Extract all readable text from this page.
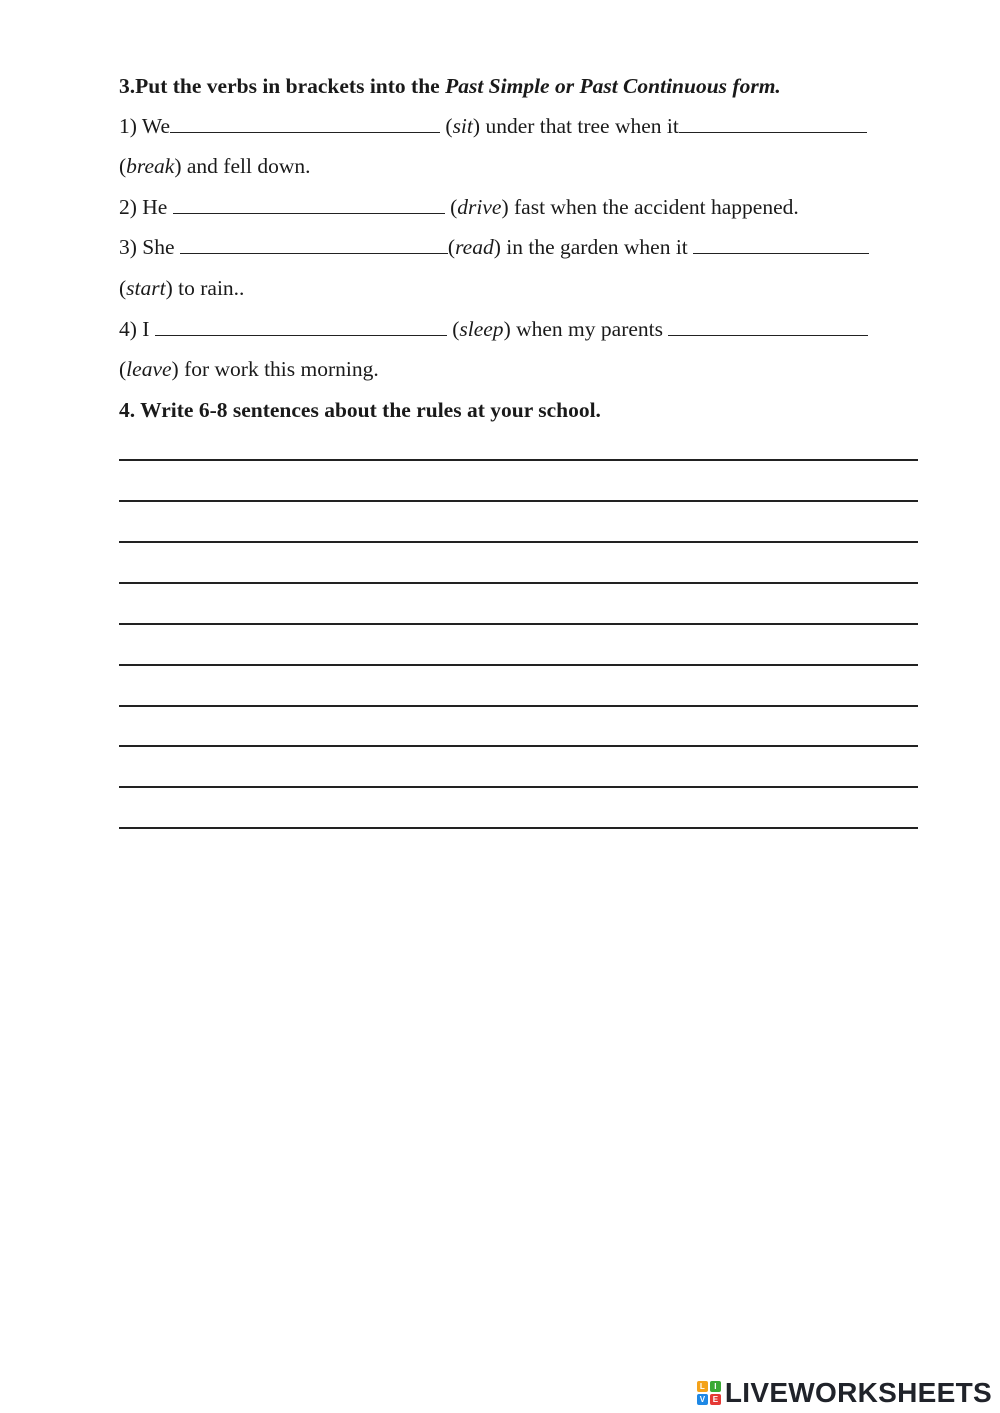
3.Put the verbs in brackets into the Past Simple or Past Continuous form.
1) We	(sit) under that tree when it
(break) and fell down.
2) He	(drive) fast when the accident happened.
3) She	(read) in the garden when it
(start) to rain..
4) I	(sleep) when my parents
(leave) for work this morning.
4. Write 6-8 sentences about the rules at your school.
L	I
V E LIVEWORKSHEETS
